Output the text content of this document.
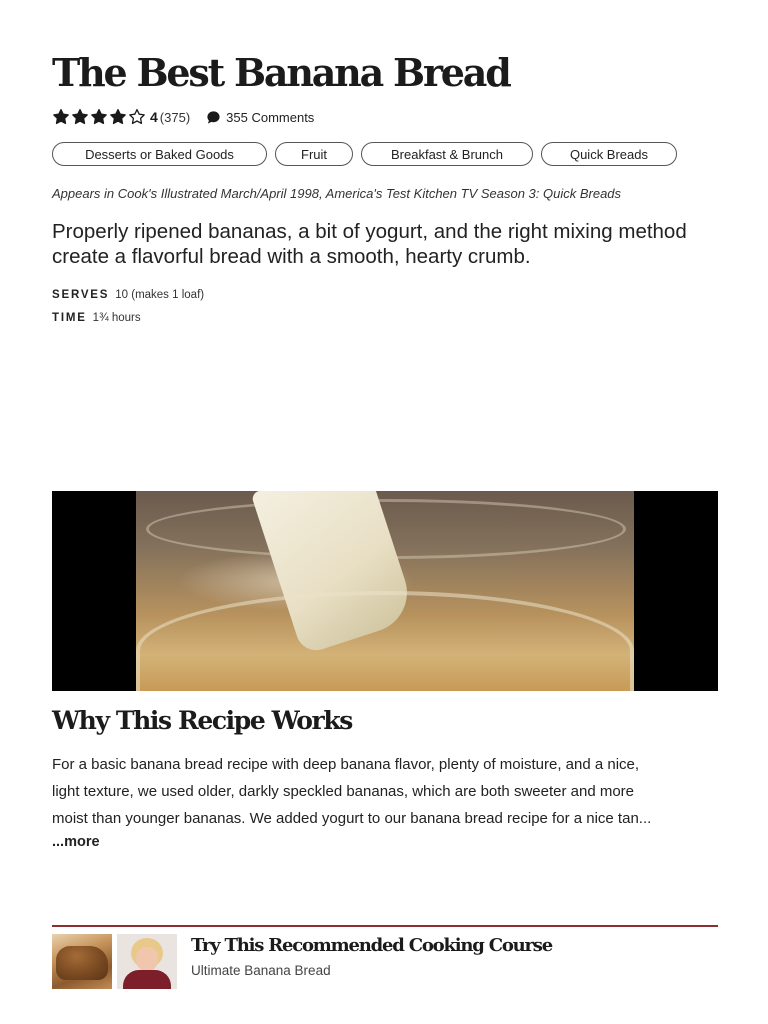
The Best Banana Bread
4 (375)	355 Comments
Desserts or Baked Goods	Fruit	Breakfast & Brunch	Quick Breads
Appears in Cook's Illustrated March/April 1998, America's Test Kitchen TV Season 3: Quick Breads
Properly ripened bananas, a bit of yogurt, and the right mixing method create a flavorful bread with a smooth, hearty crumb.
SERVES 10 (makes 1 loaf)
TIME 1¾ hours
Why This Recipe Works
For a basic banana bread recipe with deep banana flavor, plenty of moisture, and a nice,
light texture, we used older, darkly speckled bananas, which are both sweeter and more
moist than younger bananas. We added yogurt to our banana bread recipe for a nice tan...
...more
Try This Recommended Cooking Course
Ultimate Banana Bread
